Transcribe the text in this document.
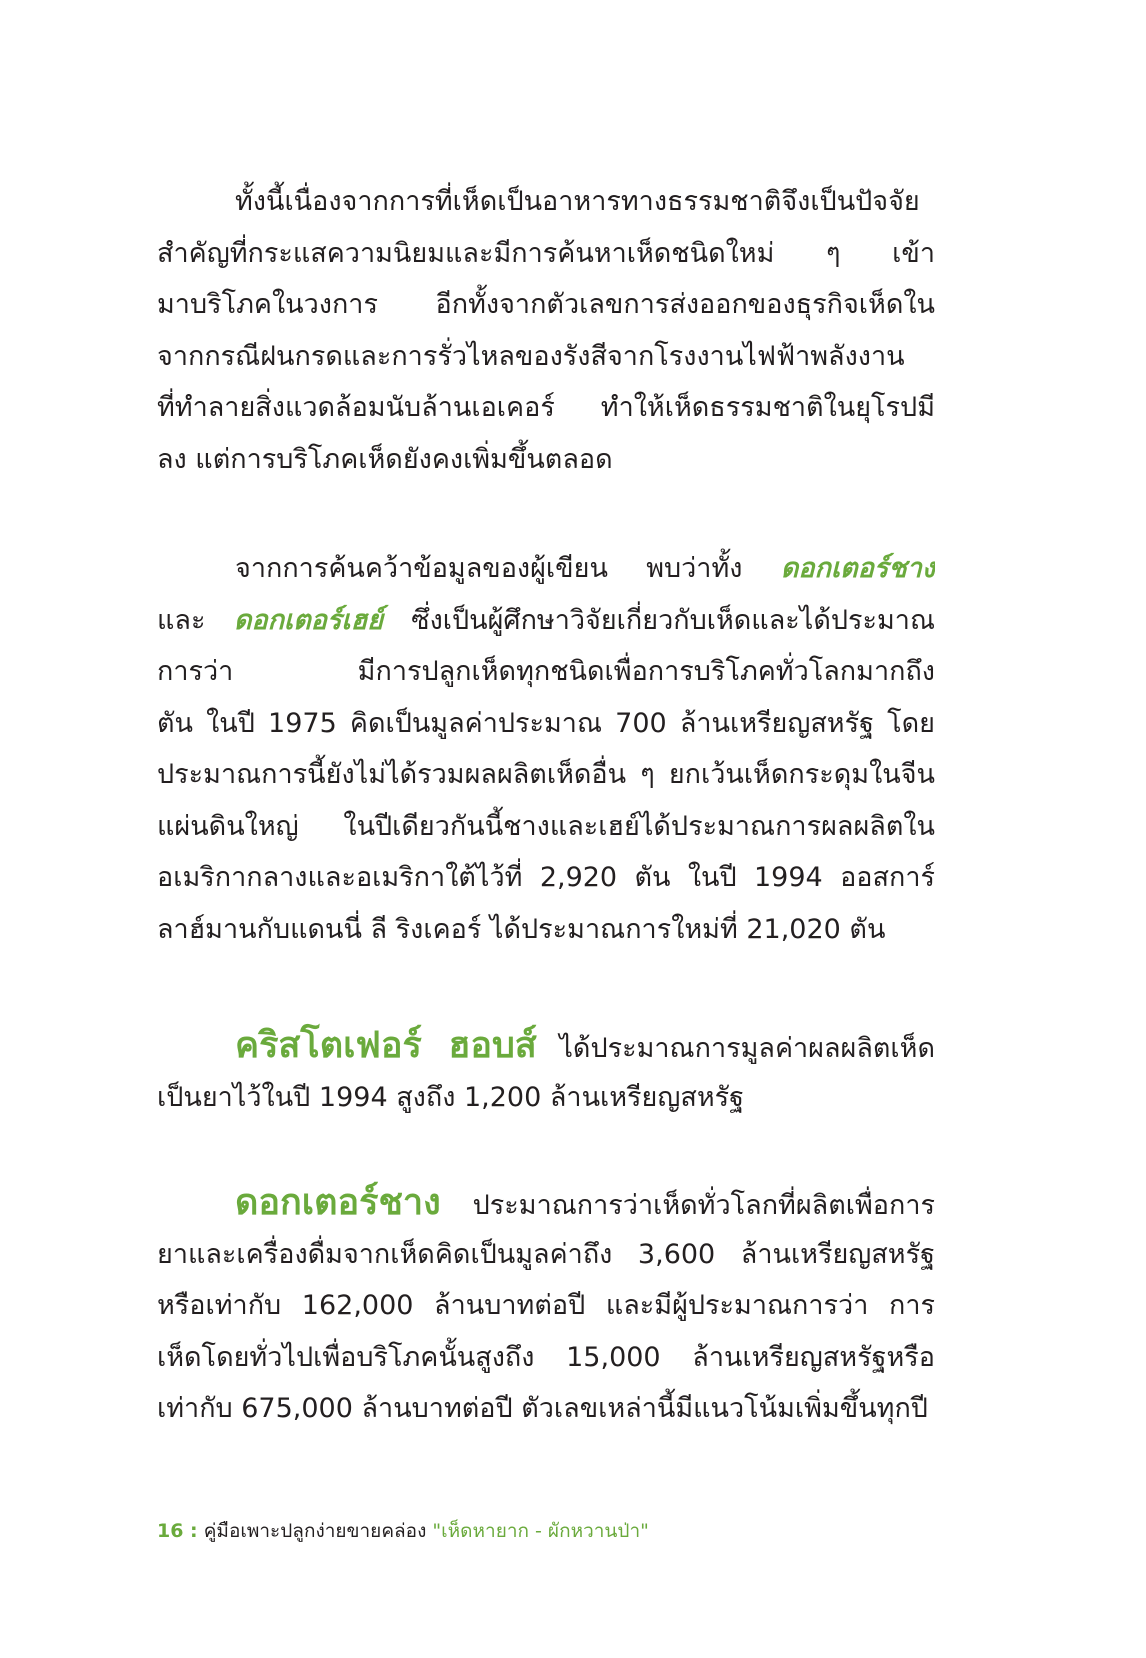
ทั้งนี้เนื่องจากการที่เห็ดเป็นอาหารทางธรรมชาติจึงเป็นปัจจัย
สำคัญที่กระแสความนิยมและมีการค้นหาเห็ดชนิดใหม่ ๆ เข้า
มาบริโภคในวงการ อีกทั้งจากตัวเลขการส่งออกของธุรกิจเห็ดใน
จากกรณีฝนกรดและการรั่วไหลของรังสีจากโรงงานไฟฟ้าพลังงาน
ที่ทำลายสิ่งแวดล้อมนับล้านเอเคอร์ ทำให้เห็ดธรรมชาติในยุโรปมี
ลง แต่การบริโภคเห็ดยังคงเพิ่มขึ้นตลอด
จากการค้นคว้าข้อมูลของผู้เขียน พบว่าทั้ง ดอกเตอร์ชาง
และ ดอกเตอร์เฮย์ ซึ่งเป็นผู้ศึกษาวิจัยเกี่ยวกับเห็ดและได้ประมาณ
การว่า มีการปลูกเห็ดทุกชนิดเพื่อการบริโภคทั่วโลกมากถึง
ตัน ในปี 1975 คิดเป็นมูลค่าประมาณ 700 ล้านเหรียญสหรัฐ โดย
ประมาณการนี้ยังไม่ได้รวมผลผลิตเห็ดอื่น ๆ ยกเว้นเห็ดกระดุมในจีน
แผ่นดินใหญ่ ในปีเดียวกันนี้ชางและเฮย์ได้ประมาณการผลผลิตใน
อเมริกากลางและอเมริกาใต้ไว้ที่ 2,920 ตัน ในปี 1994 ออสการ์
ลาฮ์มานกับแดนนี่ ลี ริงเคอร์ ได้ประมาณการใหม่ที่ 21,020 ตัน
คริสโตเฟอร์ ฮอบส์ ได้ประมาณการมูลค่าผลผลิตเห็ด
เป็นยาไว้ในปี 1994 สูงถึง 1,200 ล้านเหรียญสหรัฐ
ดอกเตอร์ชาง ประมาณการว่าเห็ดทั่วโลกที่ผลิตเพื่อการ
ยาและเครื่องดื่มจากเห็ดคิดเป็นมูลค่าถึง 3,600 ล้านเหรียญสหรัฐ
หรือเท่ากับ 162,000 ล้านบาทต่อปี และมีผู้ประมาณการว่า การ
เห็ดโดยทั่วไปเพื่อบริโภคนั้นสูงถึง 15,000 ล้านเหรียญสหรัฐหรือ
เท่ากับ 675,000 ล้านบาทต่อปี ตัวเลขเหล่านี้มีแนวโน้มเพิ่มขึ้นทุกปี
16 : คู่มือเพาะปลูกง่ายขายคล่อง "เห็ดหายาก - ผักหวานป่า"
